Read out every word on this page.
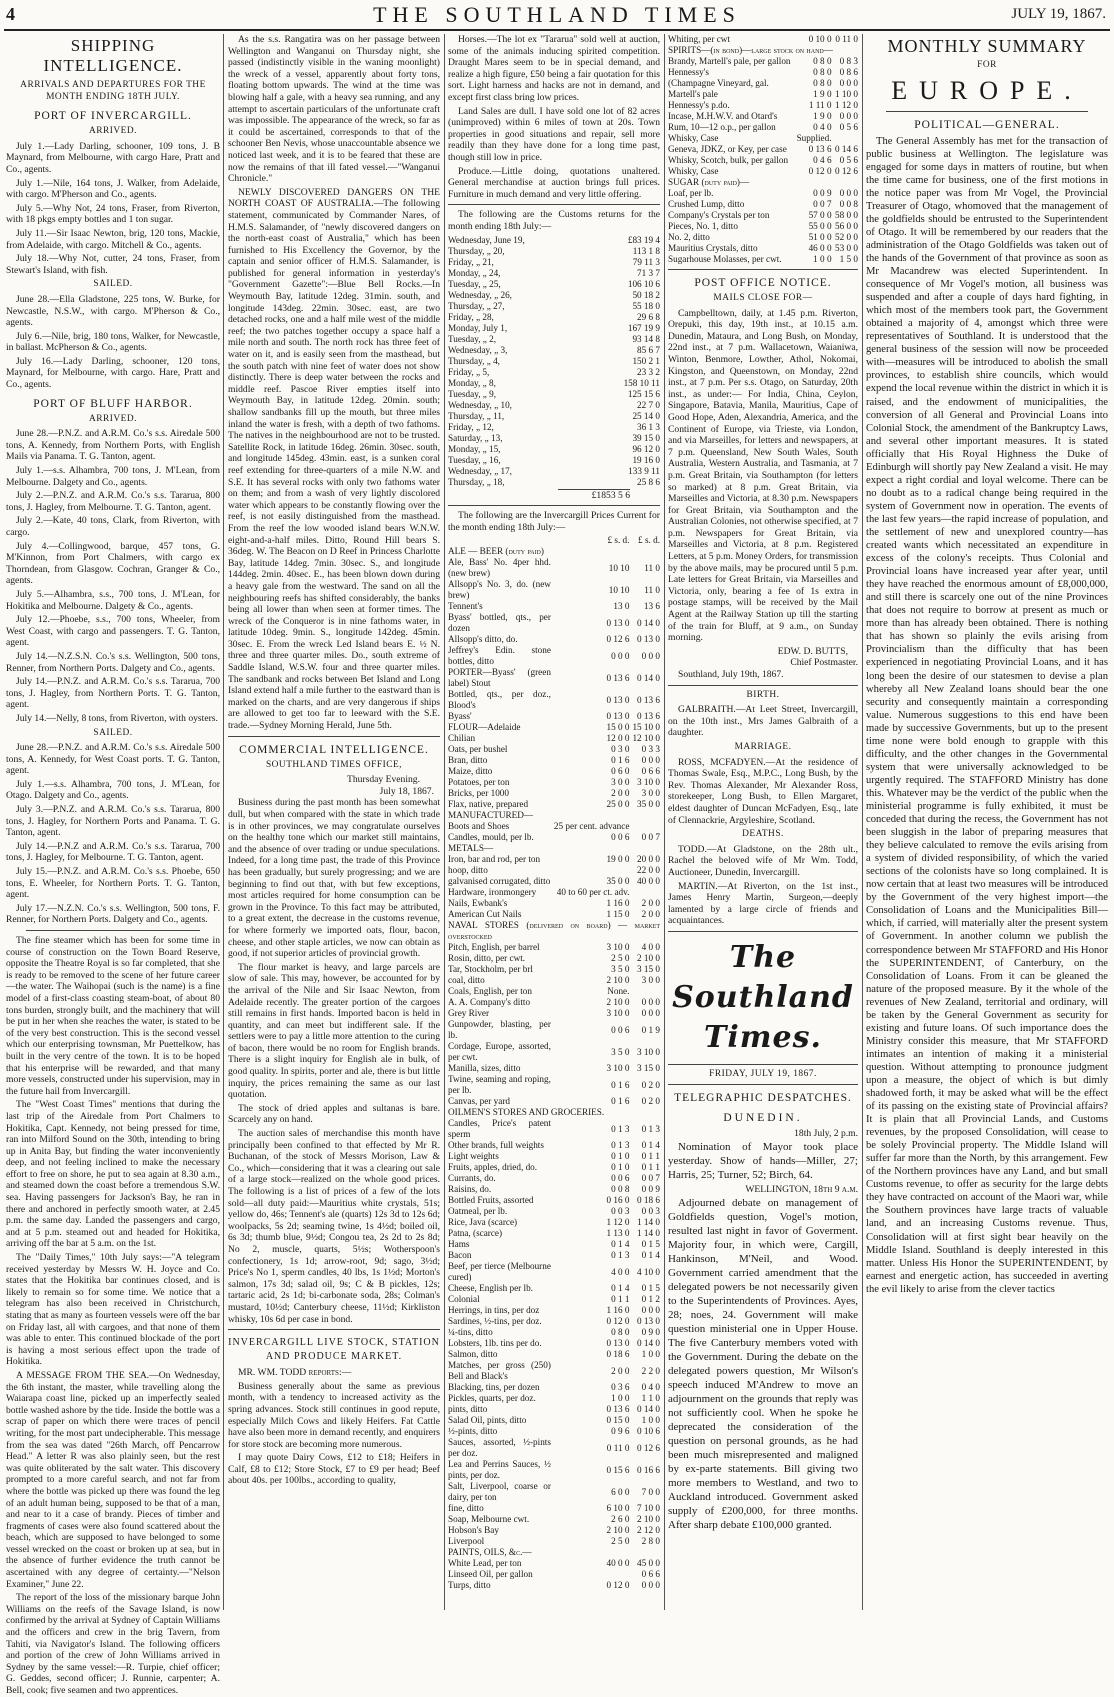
4	THE SOUTHLAND TIMES	JULY 19, 1867.
SHIPPING INTELLIGENCE.
ARRIVALS AND DEPARTURES FOR THE MONTH ENDING 18TH JULY.
PORT OF INVERCARGILL.
ARRIVED.

July 1.—Lady Darling, schooner, 109 tons, J. B Maynard, from Melbourne, with cargo Hare, Pratt and Co., agents.

July 1.—Nile, 164 tons, J. Walker, from Adelaide, with cargo. M'Pherson and Co., agents.

July 5.—Why Not, 24 tons, Fraser, from Riverton, with 18 pkgs empty bottles and 1 ton sugar.

July 11.—Sir Isaac Newton, brig, 120 tons, Mackie, from Adelaide, with cargo. Mitchell & Co., agents.

July 18.—Why Not, cutter, 24 tons, Fraser, from Stewart's Island, with fish.

SAILED.

June 28.—Ella Gladstone, 225 tons, W. Burke, for Newcastle, N.S.W., with cargo. M'Pherson & Co., agents.

July 6.—Nile, brig, 180 tons, Walker, for Newcastle, in ballast. McPherson & Co., agents.

July 16.—Lady Darling, schooner, 120 tons, Maynard, for Melbourne, with cargo. Hare, Pratt and Co., agents.

PORT OF BLUFF HARBOR.
ARRIVED.

June 28.—P.N.Z. and A.R.M. Co.'s s.s. Airedale 500 tons, A. Kennedy, from Northern Ports, with English Mails via Panama. T. G. Tanton, agent.

July 1.—s.s. Alhambra, 700 tons, J. M'Lean, from Melbourne. Dalgety and Co., agents.

July 2.—P.N.Z. and A.R.M. Co.'s s.s. Tararua, 800 tons, J. Hagley, from Melbourne. T. G. Tanton, agent.

July 2.—Kate, 40 tons, Clark, from Riverton, with cargo.

July 4.—Collingwood, barque, 457 tons, G. M'Kinnon, from Port Chalmers, with cargo ex Thorndean, from Glasgow. Cochran, Granger & Co., agents.

July 5.—Alhambra, s.s., 700 tons, J. M'Lean, for Hokitika and Melbourne. Dalgety & Co., agents.

July 12.—Phoebe, s.s., 700 tons, Wheeler, from West Coast, with cargo and passengers. T. G. Tanton, agent.

July 14.—N.Z.S.N. Co.'s s.s. Wellington, 500 tons, Renner, from Northern Ports. Dalgety and Co., agents.

July 14.—P.N.Z. and A.R.M. Co.'s s.s. Tararua, 700 tons, J. Hagley, from Northern Ports. T. G. Tanton, agent.

July 14.—Nelly, 8 tons, from Riverton, with oysters.

SAILED.

June 28.—P.N.Z. and A.R.M. Co.'s s.s. Airedale 500 tons, A. Kennedy, for West Coast ports. T. G. Tanton, agent.

July 1.—s.s. Alhambra, 700 tons, J. M'Lean, for Otago. Dalgety and Co., agents.

July 3.—P.N.Z. and A.R.M. Co.'s s.s. Tararua, 800 tons, J. Hagley, for Northern Ports and Panama. T. G. Tanton, agent.

July 14.—P.N.Z and A.R.M. Co.'s s.s. Tararua, 700 tons, J. Hagley, for Melbourne. T. G. Tanton, agent.

July 15.—P.N.Z. and A.R.M. Co.'s s.s. Phoebe, 650 tons, E. Wheeler, for Northern Ports. T. G. Tanton, agent.

July 17.—N.Z.N. Co.'s s.s. Wellington, 500 tons, F. Renner, for Northern Ports. Dalgety and Co., agents.

The fine steamer which has been for some time in course of construction on the Town Board Reserve, opposite the Theatre Royal is so far completed, that she is ready to be removed to the scene of her future career—the water. The Waihopai (such is the name) is a fine model of a first-class coasting steam-boat, of about 80 tons burden, strongly built, and the machinery that will be put in her when she reaches the water, is stated to be of the very best construction. This is the second vessel which our enterprising townsman, Mr Puettelkow, has built in the very centre of the town. It is to be hoped that his enterprise will be rewarded, and that many more vessels, constructed under his supervision, may in the future hail from Invercargill.

The "West Coast Times" mentions that during the last trip of the Airedale from Port Chalmers to Hokitika, Capt. Kennedy, not being pressed for time, ran into Milford Sound on the 30th, intending to bring up in Anita Bay, but finding the water inconveniently deep, and not feeling inclined to make the necessary effort to free on shore, he put to sea again at 8.30 a.m., and steamed down the coast before a tremendous S.W. sea. Having passengers for Jackson's Bay, he ran in there and anchored in perfectly smooth water, at 2.45 p.m. the same day. Landed the passengers and cargo, and at 5 p.m. steamed out and headed for Hokitika, arriving off the bar at 5 a.m. on the 1st.

The "Daily Times," 10th July says:—"A telegram received yesterday by Messrs W. H. Joyce and Co. states that the Hokitika bar continues closed, and is likely to remain so for some time. We notice that a telegram has also been received in Christchurch, stating that as many as fourteen vessels were off the bar on Friday last, all with cargoes, and that none of them was able to enter. This continued blockade of the port is having a most serious effect upon the trade of Hokitika.

A MESSAGE FROM THE SEA.—On Wednesday, the 6th instant, the master, while travelling along the Waiarapa coast line, picked up an imperfectly sealed bottle washed ashore by the tide. Inside the bottle was a scrap of paper on which there were traces of pencil writing, for the most part undecipherable. This message from the sea was dated "26th March, off Pencarrow Head." A letter R was also plainly seen, but the rest was quite obliterated by the salt water. This discovery prompted to a more careful search, and not far from where the bottle was picked up there was found the leg of an adult human being, supposed to be that of a man, and near to it a case of brandy. Pieces of timber and fragments of cases were also found scattered about the beach, which are supposed to have belonged to some vessel wrecked on the coast or broken up at sea, but in the absence of further evidence the truth cannot be ascertained with any degree of certainty.—"Nelson Examiner," June 22.

The report of the loss of the missionary barque John Williams on the reefs of the Savage Island, is now confirmed by the arrival at Sydney of Captain Williams and the officers and crew in the brig Tavern, from Tahiti, via Navigator's Island. The following officers and portion of the crew of John Williams arrived in Sydney by the same vessel:—R. Turpie, chief officer; G. Geddes, second officer; J. Runnie, carpenter; A. Bell, cook; five seamen and two apprentices.

As the s.s. Rangatira was on her passage between Wellington and Wanganui on Thursday night, she passed (indistinctly visible in the waning moonlight) the wreck of a vessel, apparently about forty tons, floating bottom upwards. The wind at the time was blowing half a gale, with a heavy sea running, and any attempt to ascertain particulars of the unfortunate craft was impossible. The appearance of the wreck, so far as it could be ascertained, corresponds to that of the schooner Ben Nevis, whose unaccountable absence we noticed last week, and it is to be feared that these are now the remains of that ill fated vessel.—"Wanganui Chronicle."

NEWLY DISCOVERED DANGERS ON THE NORTH COAST OF AUSTRALIA.—The following statement, communicated by Commander Nares, of H.M.S. Salamander, of "newly discovered dangers on the north-east coast of Australia," which has been furnished to His Excellency the Governor, by the captain and senior officer of H.M.S. Salamander, is published for general information in yesterday's "Government Gazette":—Blue Bell Rocks.—In Weymouth Bay, latitude 12deg. 31min. south, and longitude 143deg. 22min. 30sec. east, are two detached rocks, one and a half mile west of the middle reef; the two patches together occupy a space half a mile north and south. The north rock has three feet of water on it, and is easily seen from the masthead, but the south patch with nine feet of water does not show distinctly. There is deep water between the rocks and middle reef. Pascoe River empties itself into Weymouth Bay, in latitude 12deg. 20min. south; shallow sandbanks fill up the mouth, but three miles inland the water is fresh, with a depth of two fathoms. The natives in the neighbourhood are not to be trusted. Satellite Rock, in latitude 16deg. 26min. 30sec. south, and longitude 145deg. 43min. east, is a sunken coral reef extending for three-quarters of a mile N.W. and S.E. It has several rocks with only two fathoms water on them; and from a wash of very lightly discolored water which appears to be constantly flowing over the reef, is not easily distinguished from the masthead. From the reef the low wooded island bears W.N.W. eight-and-a-half miles. Ditto, Round Hill bears S. 36deg. W. The Beacon on D Reef in Princess Charlotte Bay, latitude 14deg. 7min. 30sec. S., and longitude 144deg. 2min. 40sec. E., has been blown down during a heavy gale from the westward. The sand on all the neighbouring reefs has shifted considerably, the banks being all lower than when seen at former times. The wreck of the Conqueror is in nine fathoms water, in latitude 10deg. 9min. S., longitude 142deg. 45min. 30sec. E. From the wreck Led Island bears E. ½ N. three and three quarter miles. Do., south extreme of Saddle Island, W.S.W. four and three quarter miles. The sandbank and rocks between Bet Island and Long Island extend half a mile further to the eastward than is marked on the charts, and are very dangerous if ships are allowed to get too far to leeward with the S.E. trade.—Sydney Morning Herald, June 5th.

COMMERCIAL INTELLIGENCE.
SOUTHLAND TIMES OFFICE,
Thursday Evening.
July 18, 1867.

Business during the past month has been somewhat dull, but when compared with the state in which trade is in other provinces, we may congratulate ourselves on the healthy tone which our market still maintains, and the absence of over trading or undue speculations. Indeed, for a long time past, the trade of this Province has been gradually, but surely progressing; and we are beginning to find out that, with but few exceptions, most articles required for home consumption can be grown in the Province. To this fact may be attributed, to a great extent, the decrease in the customs revenue, for where formerly we imported oats, flour, bacon, cheese, and other staple articles, we now can obtain as good, if not superior articles of provincial growth.

The flour market is heavy, and large parcels are slow of sale. This may, however, be accounted for by the arrival of the Nile and Sir Isaac Newton, from Adelaide recently. The greater portion of the cargoes still remains in first hands. Imported bacon is held in quantity, and can meet but indifferent sale. If the settlers were to pay a little more attention to the curing of bacon, there would be no room for English brands. There is a slight inquiry for English ale in bulk, of good quality. In spirits, porter and ale, there is but little inquiry, the prices remaining the same as our last quotation.

The stock of dried apples and sultanas is bare. Scarcely any on hand.

The auction sales of merchandise this month have principally been confined to that effected by Mr R. Buchanan, of the stock of Messrs Morison, Law & Co., which—considering that it was a clearing out sale of a large stock—realized on the whole good prices. The following is a list of prices of a few of the lots sold—all duty paid:—Mauritius white crystals, 51s; yellow do, 46s; Tennent's ale (quarts) 12s 3d to 12s 6d; woolpacks, 5s 2d; seaming twine, 1s 4½d; boiled oil, 6s 3d; thumb blue, 9½d; Congou tea, 2s 2d to 2s 8d; No 2, muscle, quarts, 5½s; Wotherspoon's confectionery, 1s 1d; arrow-root, 9d; sago, 3½d; Price's No 1, sperm candles, 40 lbs, 1s 1½d; Morton's salmon, 17s 3d; salad oil, 9s; C & B pickles, 12s; tartaric acid, 2s 1d; bi-carbonate soda, 28s; Colman's mustard, 10½d; Canterbury cheese, 11½d; Kirkliston whisky, 10s 6d per case in bond.

INVERCARGILL LIVE STOCK, STATION AND PRODUCE MARKET.

MR. WM. TODD reports:—

Business generally about the same as previous month, with a tendency to increased activity as the spring advances. Stock still continues in good repute, especially Milch Cows and likely Heifers. Fat Cattle have also been more in demand recently, and enquirers for store stock are becoming more numerous.

I may quote Dairy Cows, £12 to £18; Heifers in Calf, £8 to £12; Store Stock, £7 to £9 per head; Beef about 40s. per 100lbs., according to quality,

Horses.—The lot ex "Tararua" sold well at auction, some of the animals inducing spirited competition. Draught Mares seem to be in special demand, and realize a high figure, £50 being a fair quotation for this sort. Light harness and hacks are not in demand, and except first class bring low prices.

Land Sales are dull. I have sold one lot of 82 acres (unimproved) within 6 miles of town at 20s. Town properties in good situations and repair, sell more readily than they have done for a long time past, though still low in price.

Produce.—Little doing, quotations unaltered. General merchandise at auction brings full prices. Furniture in much demand and very little offering.

The following are the Customs returns for the month ending 18th July:—

Wednesday, June 19,	£83 19 4
Thursday, „ 20,	113 1 8
Friday, „ 21,	79 11 3
Monday, „ 24,	71 3 7
Tuesday, „ 25,	106 10 6
Wednesday, „ 26,	50 18 2
Thursday, „ 27,	55 18 0
Friday, „ 28,	29 6 8
Monday, July 1,	167 19 9
Tuesday, „ 2,	93 14 8
Wednesday, „ 3,	85 6 7
Thursday, „ 4,	150 2 1
Friday, „ 5,	23 3 2
Monday, „ 8,	158 10 11
Tuesday, „ 9,	125 15 6
Wednesday, „ 10,	22 7 0
Thursday, „ 11,	25 14 0
Friday, „ 12,	36 1 3
Saturday, „ 13,	39 15 0
Monday, „ 15,	96 12 0
Tuesday, „ 16,	19 16 0
Wednesday, „ 17,	133 9 11
Thursday, „ 18,	25 8 6
£1853 5 6

The following are the Invercargill Prices Current for the month ending 18th July:—

	£ s. d.	£ s. d.
ALE — BEER (duty paid)		
Ale, Bass' No. 4per hhd. (new brew)	10 10	11 0
Allsopp's No. 3, do. (new brew)	10 10	11 0
Tennent's	13 0	13 6
Byass' bottled, qts., per dozen	0 13 0	0 14 0
Allsopp's ditto, do.	0 12 6	0 13 0
Jeffrey's Edin. stone bottles, ditto	0 0 0	0 0 0
PORTER—Byass' (green label) Stout	0 13 6	0 14 0
Bottled, qts., per doz., Blood's	0 13 0	0 13 6
Byass'	0 13 0	0 13 6
FLOUR—Adelaide	15 0 0	15 10 0
Chilian	12 0 0	12 10 0
Oats, per bushel	0 3 0	0 3 3
Bran, ditto	0 1 6	0 0 0
Maize, ditto	0 6 0	0 6 6
Potatoes, per ton	3 0 0	3 10 0
Bricks, per 1000	2 0 0	3 0 0
Flax, native, prepared	25 0 0	35 0 0
MANUFACTURED—		
Boots and Shoes	25 per cent. advance	
Candles, mould, per lb.	0 0 6	0 0 7
METALS—		
Iron, bar and rod, per ton	19 0 0	20 0 0
hoop, ditto		22 0 0
galvanised corrugated, ditto	35 0 0	40 0 0
Hardware, ironmongery	40 to 60 per ct. adv.	
Nails, Ewbank's	1 16 0	2 0 0
American Cut Nails	1 15 0	2 0 0
NAVAL STORES (delivered on board) — market overstocked		
Pitch, English, per barrel	3 10 0	4 0 0
Rosin, ditto, per cwt.	2 5 0	2 10 0
Tar, Stockholm, per brl	3 5 0	3 15 0
coal, ditto	2 10 0	3 0 0
Coals, English, per ton	None.	
A. A. Company's ditto	2 10 0	0 0 0
Grey River	3 10 0	0 0 0
Gunpowder, blasting, per lb.	0 0 6	0 1 9
Cordage, Europe, assorted, per cwt.	3 5 0	3 10 0
Manilla, sizes, ditto	3 10 0	3 15 0
Twine, seaming and roping, per lb.	0 1 6	0 2 0
Canvas, per yard	0 1 6	0 2 0
OILMEN'S STORES AND GROCERIES.		
Candles, Price's patent sperm	0 1 3	0 1 3
Other brands, full weights	0 1 3	0 1 4
Light weights	0 1 0	0 1 1
Fruits, apples, dried, do.	0 1 0	0 1 1
Currants, do.	0 0 6	0 0 7
Raisins, do.	0 0 8	0 0 9
Bottled Fruits, assorted	0 16 0	0 18 6
Oatmeal, per lb.	0 0 3	0 0 3
Rice, Java (scarce)	1 12 0	1 14 0
Patna, (scarce)	1 13 0	1 14 0
Hams	0 1 4	0 1 5
Bacon	0 1 3	0 1 4
Beef, per tierce (Melbourne cured)	4 0 0	4 10 0
Cheese, English per lb.	0 1 4	0 1 5
Colonial	0 1 1	0 1 2
Herrings, in tins, per doz	1 16 0	0 0 0
Sardines, ½-tins, per doz.	0 12 0	0 13 0
¼-tins, ditto	0 8 0	0 9 0
Lobsters, 1lb. tins per do.	0 13 0	0 14 0
Salmon, ditto	0 18 6	1 0 0
Matches, per gross (250) Bell and Black's	2 0 0	2 2 0
Blacking, tins, per dozen	0 3 6	0 4 0
Pickles, quarts, per doz.	1 0 0	1 1 0
pints, ditto	0 13 6	0 14 0
Salad Oil, pints, ditto	0 15 0	1 0 0
½-pints, ditto	0 9 6	0 10 6
Sauces, assorted, ½-pints per doz.	0 11 0	0 12 6
Lea and Perrins Sauces, ½ pints, per doz.	0 15 6	0 16 6
Salt, Liverpool, coarse or dairy, per ton	6 0 0	7 0 0
fine, ditto	6 10 0	7 10 0
Soap, Melbourne cwt.	2 6 0	2 10 0
Hobson's Bay	2 10 0	2 12 0
Liverpool	2 5 0	2 8 0
PAINTS, OILS, &c.—		
White Lead, per ton	40 0 0	45 0 0
Linseed Oil, per gallon		0 6 6
Turps, ditto	0 12 0	0 0 0
Whiting, per cwt	0 10 0	0 11 0
SPIRITS—(in bond)—large stock on hand—		
Brandy, Martell's pale, per gallon	0 8 0	0 8 3
Hennessy's	0 8 0	0 8 6
(Champagne Vineyard, gal.	0 8 0	0 0 0
Martell's pale	1 9 0	1 10 0
Hennessy's p.do.	1 11 0	1 12 0
Incase, M.H.W.V. and Otard's	1 9 0	0 0 0
Rum, 10—12 o.p., per gallon	0 4 0	0 5 6
Whisky, Case	Supplied.	
Geneva, JDKZ, or Key, per case	0 13 6	0 14 6
Whisky, Scotch, bulk, per gallon	0 4 6	0 5 6
Whisky, Case	0 12 0	0 12 6
SUGAR (duty paid)—		
Loaf, per lb.	0 0 9	0 0 0
Crushed Lump, ditto	0 0 7	0 0 8
Company's Crystals per ton	57 0 0	58 0 0
Pieces, No. 1, ditto	55 0 0	56 0 0
No. 2, ditto	51 0 0	52 0 0
Mauritius Crystals, ditto	46 0 0	53 0 0
Sugarhouse Molasses, per cwt.	1 0 0	1 5 0
POST OFFICE NOTICE.
MAILS CLOSE FOR—

Campbelltown, daily, at 1.45 p.m. Riverton, Orepuki, this day, 19th inst., at 10.15 a.m. Dunedin, Mataura, and Long Bush, on Monday, 22nd inst., at 7 p.m. Wallacetown, Waianiwa, Winton, Benmore, Lowther, Athol, Nokomai, Kingston, and Queenstown, on Monday, 22nd inst., at 7 p.m. Per s.s. Otago, on Saturday, 20th inst., as under:— For India, China, Ceylon, Singapore, Batavia, Manila, Mauritius, Cape of Good Hope, Aden, Alexandria, America, and the Continent of Europe, via Trieste, via London, and via Marseilles, for letters and newspapers, at 7 p.m. Queensland, New South Wales, South Australia, Western Australia, and Tasmania, at 7 p.m. Great Britain, via Southampton (for letters so marked) at 8 p.m. Great Britain, via Marseilles and Victoria, at 8.30 p.m. Newspapers for Great Britain, via Southampton and the Australian Colonies, not otherwise specified, at 7 p.m. Newspapers for Great Britain, via Marseilles and Victoria, at 8 p.m. Registered Letters, at 5 p.m. Money Orders, for transmission by the above mails, may be procured until 5 p.m. Late letters for Great Britain, via Marseilles and Victoria, only, bearing a fee of 1s extra in postage stamps, will be received by the Mail Agent at the Railway Station up till the starting of the train for Bluff, at 9 a.m., on Sunday morning.

EDW. D. BUTTS,
Chief Postmaster.

Southland, July 19th, 1867.

BIRTH.

GALBRAITH.—At Leet Street, Invercargill, on the 10th inst., Mrs James Galbraith of a daughter.

MARRIAGE.

ROSS, MCFADYEN.—At the residence of Thomas Swale, Esq., M.P.C., Long Bush, by the Rev. Thomas Alexander, Mr Alexander Ross, storekeeper, Long Bush, to Ellen Margaret, eldest daughter of Duncan McFadyen, Esq., late of Clennackrie, Argyleshire, Scotland.

DEATHS.

TODD.—At Gladstone, on the 28th ult., Rachel the beloved wife of Mr Wm. Todd, Auctioneer, Dunedin, Invercargill.

MARTIN.—At Riverton, on the 1st inst., James Henry Martin, Surgeon,—deeply lamented by a large circle of friends and acquaintances.

The Southland Times.
FRIDAY, JULY 19, 1867.
TELEGRAPHIC DESPATCHES.
DUNEDIN.
18th July, 2 p.m.

Nomination of Mayor took place yesterday. Show of hands—Miller, 27; Harris, 25; Turner, 52; Birch, 64.

WELLINGTON, 18th 9 a.m.

Adjourned debate on management of Goldfields question, Vogel's motion, resulted last night in favor of Goverment. Majority four, in which were, Cargill, Hankinson, M'Neil, and Wood. Government carried amendment that the delegated powers be not necessarily given to the Superintendents of Provinces. Ayes, 28; noes, 24. Government will make question ministerial one in Upper House. The five Canterbury members voted with the Government. During the debate on the delegated powers question, Mr Wilson's speech induced M'Andrew to move an adjournment on the grounds that reply was not sufficiently cool. When he spoke he deprecated the consideration of the question on personal grounds, as he had been much misrepresented and maligned by ex-parte statements. Bill giving two more members to Westland, and two to Auckland introduced. Government asked supply of £200,000, for three months. After sharp debate £100,000 granted.

MONTHLY SUMMARY
FOR
EUROPE.
POLITICAL—GENERAL.

The General Assembly has met for the transaction of public business at Wellington. The legislature was engaged for some days in matters of routine, but when the time came for business, one of the first motions in the notice paper was from Mr Vogel, the Provincial Treasurer of Otago, whomoved that the management of the goldfields should be entrusted to the Superintendent of Otago. It will be remembered by our readers that the administration of the Otago Goldfields was taken out of the hands of the Government of that province as soon as Mr Macandrew was elected Superintendent. In consequence of Mr Vogel's motion, all business was suspended and after a couple of days hard fighting, in which most of the members took part, the Government obtained a majority of 4, amongst which three were representatives of Southland. It is understood that the general business of the session will now be proceeded with—measures will be introduced to abolish the small provinces, to establish shire councils, which would expend the local revenue within the district in which it is raised, and the endowment of municipalities, the conversion of all General and Provincial Loans into Colonial Stock, the amendment of the Bankruptcy Laws, and several other important measures. It is stated officially that His Royal Highness the Duke of Edinburgh will shortly pay New Zealand a visit. He may expect a right cordial and loyal welcome. There can be no doubt as to a radical change being required in the system of Government now in operation. The events of the last few years—the rapid increase of population, and the settlement of new and unexplored country—has created wants which necessitated an expenditure in excess of the colony's receipts. Thus Colonial and Provincial loans have increased year after year, until they have reached the enormous amount of £8,000,000, and still there is scarcely one out of the nine Provinces that does not require to borrow at present as much or more than has already been obtained. There is nothing that has shown so plainly the evils arising from Provincialism than the difficulty that has been experienced in negotiating Provincial Loans, and it has long been the desire of our statesmen to devise a plan whereby all New Zealand loans should bear the one security and consequently maintain a corresponding value. Numerous suggestions to this end have been made by successive Governments, but up to the present time none were bold enough to grapple with this difficulty, and the other changes in the Governmental system that were universally acknowledged to be urgently required. The STAFFORD Ministry has done this. Whatever may be the verdict of the public when the ministerial programme is fully exhibited, it must be conceded that during the recess, the Government has not been sluggish in the labor of preparing measures that they believe calculated to remove the evils arising from a system of divided responsibility, of which the varied sections of the colonists have so long complained. It is now certain that at least two measures will be introduced by the Government of the very highest import—the Consolidation of Loans and the Municipalities Bill—which, if carried, will materially alter the present system of Government. In another column we publish the correspondence between Mr STAFFORD and His Honor the SUPERINTENDENT, of Canterbury, on the Consolidation of Loans. From it can be gleaned the nature of the proposed measure. By it the whole of the revenues of New Zealand, territorial and ordinary, will be taken by the General Government as security for existing and future loans. Of such importance does the Ministry consider this measure, that Mr STAFFORD intimates an intention of making it a ministerial question. Without attempting to pronounce judgment upon a measure, the object of which is but dimly shadowed forth, it may be asked what will be the effect of its passing on the existing state of Provincial affairs? It is plain that all Provincial Lands, and Customs revenues, by the proposed Consolidation, will cease to be solely Provincial property. The Middle Island will suffer far more than the North, by this arrangement. Few of the Northern provinces have any Land, and but small Customs revenue, to offer as security for the large debts they have contracted on account of the Maori war, while the Southern provinces have large tracts of valuable land, and an increasing Customs revenue. Thus, Consolidation will at first sight bear heavily on the Middle Island. Southland is deeply interested in this matter. Unless His Honor the SUPERINTENDENT, by earnest and energetic action, has succeeded in averting the evil likely to arise from the clever tactics
